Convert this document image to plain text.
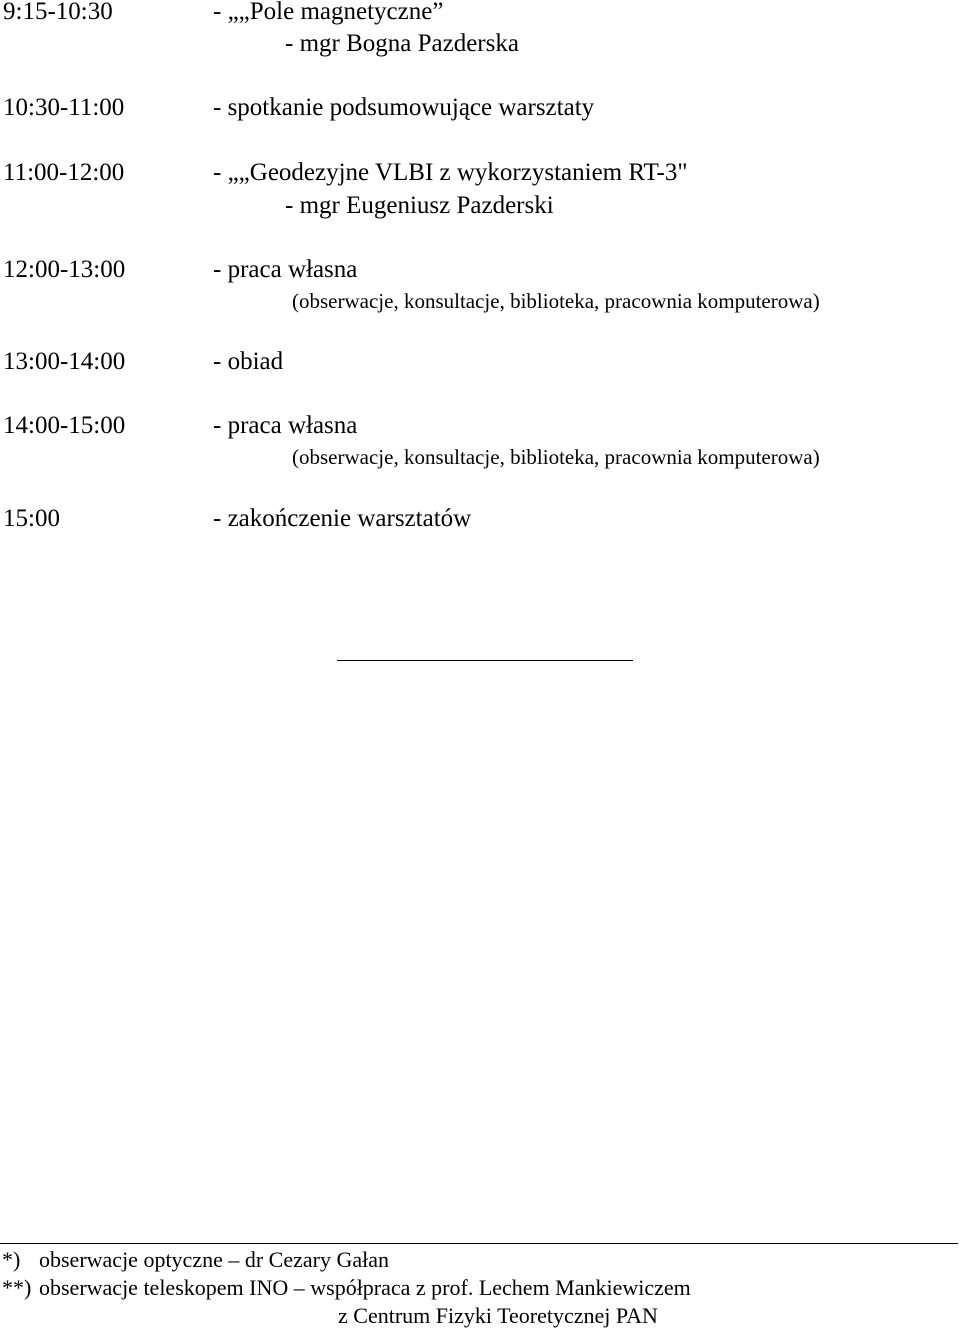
9:15-10:30	- „„Pole magnetyczne”
- mgr Bogna Pazderska
10:30-11:00	- spotkanie podsumowujące warsztaty
11:00-12:00	- „„Geodezyjne VLBI z wykorzystaniem RT-3"
- mgr Eugeniusz Pazderski
12:00-13:00	- praca własna
(obserwacje, konsultacje, biblioteka, pracownia komputerowa)
13:00-14:00	- obiad
14:00-15:00	- praca własna
(obserwacje, konsultacje, biblioteka, pracownia komputerowa)
15:00	- zakończenie warsztatów
*) obserwacje optyczne – dr Cezary Gałan
**) obserwacje teleskopem INO – współpraca z prof. Lechem Mankiewiczem
z Centrum Fizyki Teoretycznej PAN
